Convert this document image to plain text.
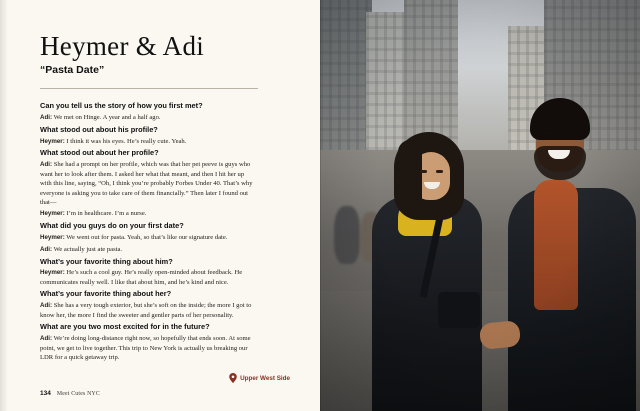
Heymer & Adi
“Pasta Date”

Can you tell us the story of how you first met?

Adi: We met on Hinge. A year and a half ago.

What stood out about his profile?

Heymer: I think it was his eyes. He’s really cute. Yeah.

What stood out about her profile?

Adi: She had a prompt on her profile, which was that her pet peeve is guys who want her to look after them. I asked her what that meant, and then I hit her up with this line, saying, “Oh, I think you’re probably Forbes Under 40. That’s why everyone is asking you to take care of them financially.” Then later I found out that—

Heymer: I’m in healthcare. I’m a nurse.

What did you guys do on your first date?

Heymer: We went out for pasta. Yeah, so that’s like our signature date.

Adi: We actually just ate pasta.

What’s your favorite thing about him?

Heymer: He’s such a cool guy. He’s really open-minded about feedback. He communicates really well. I like that about him, and he’s kind and nice.

What’s your favorite thing about her?

Adi: She has a very tough exterior, but she’s soft on the inside; the more I got to know her, the more I find the sweeter and gentler parts of her personality.

What are you two most excited for in the future?

Adi: We’re doing long-distance right now, so hopefully that ends soon. At some point, we get to live together. This trip to New York is actually us breaking our LDR for a quick getaway trip.

Upper West Side
134 Meet Cutes NYC
